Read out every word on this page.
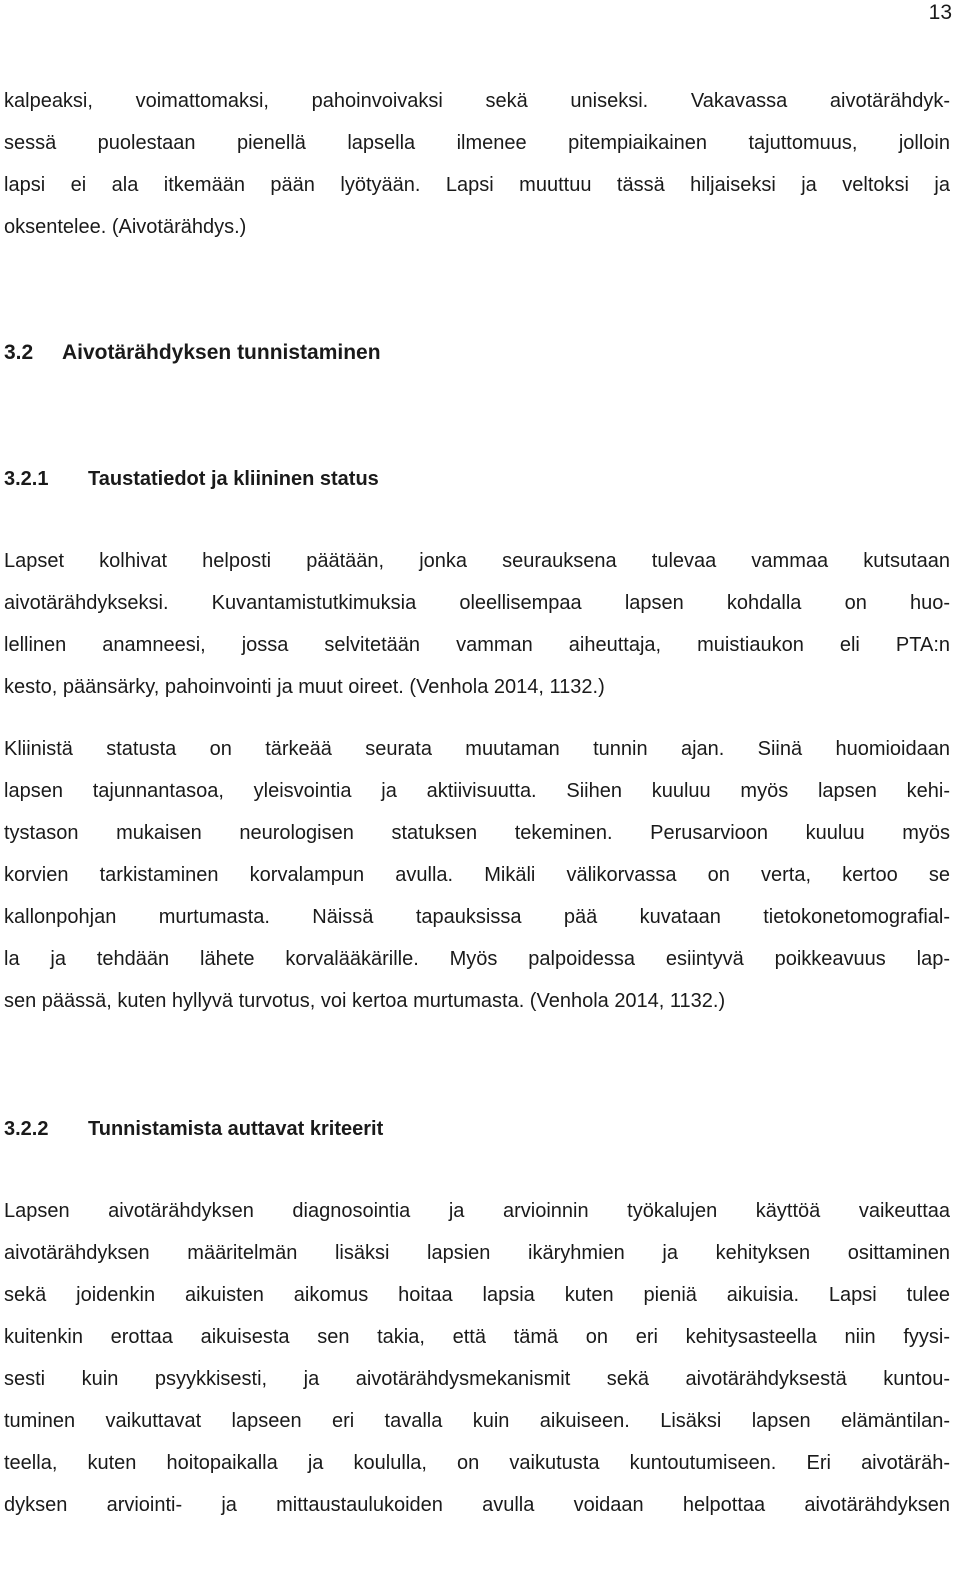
13
kalpeaksi, voimattomaksi, pahoinvoivaksi sekä uniseksi. Vakavassa aivotärähdyk-
sessä puolestaan pienellä lapsella ilmenee pitempiaikainen tajuttomuus, jolloin
lapsi ei ala itkemään pään lyötyään. Lapsi muuttuu tässä hiljaiseksi ja veltoksi ja
oksentelee. (Aivotärähdys.)
3.2 Aivotärähdyksen tunnistaminen
3.2.1 Taustatiedot ja kliininen status
Lapset kolhivat helposti päätään, jonka seurauksena tulevaa vammaa kutsutaan
aivotärähdykseksi. Kuvantamistutkimuksia oleellisempaa lapsen kohdalla on huo-
lellinen anamneesi, jossa selvitetään vamman aiheuttaja, muistiaukon eli PTA:n
kesto, päänsärky, pahoinvointi ja muut oireet. (Venhola 2014, 1132.)
Kliinistä statusta on tärkeää seurata muutaman tunnin ajan. Siinä huomioidaan
lapsen tajunnantasoa, yleisvointia ja aktiivisuutta. Siihen kuuluu myös lapsen kehi-
tystason mukaisen neurologisen statuksen tekeminen. Perusarvioon kuuluu myös
korvien tarkistaminen korvalampun avulla. Mikäli välikorvassa on verta, kertoo se
kallonpohjan murtumasta. Näissä tapauksissa pää kuvataan tietokonetomografial-
la ja tehdään lähete korvalääkärille. Myös palpoidessa esiintyvä poikkeavuus lap-
sen päässä, kuten hyllyvä turvotus, voi kertoa murtumasta. (Venhola 2014, 1132.)
3.2.2 Tunnistamista auttavat kriteerit
Lapsen aivotärähdyksen diagnosointia ja arvioinnin työkalujen käyttöä vaikeuttaa
aivotärähdyksen määritelmän lisäksi lapsien ikäryhmien ja kehityksen osittaminen
sekä joidenkin aikuisten aikomus hoitaa lapsia kuten pieniä aikuisia. Lapsi tulee
kuitenkin erottaa aikuisesta sen takia, että tämä on eri kehitysasteella niin fyysi-
sesti kuin psyykkisesti, ja aivotärähdysmekanismit sekä aivotärähdyksestä kuntou-
tuminen vaikuttavat lapseen eri tavalla kuin aikuiseen. Lisäksi lapsen elämäntilan-
teella, kuten hoitopaikalla ja koululla, on vaikutusta kuntoutumiseen. Eri aivotäräh-
dyksen arviointi- ja mittaustaulukoiden avulla voidaan helpottaa aivotärähdyksen
